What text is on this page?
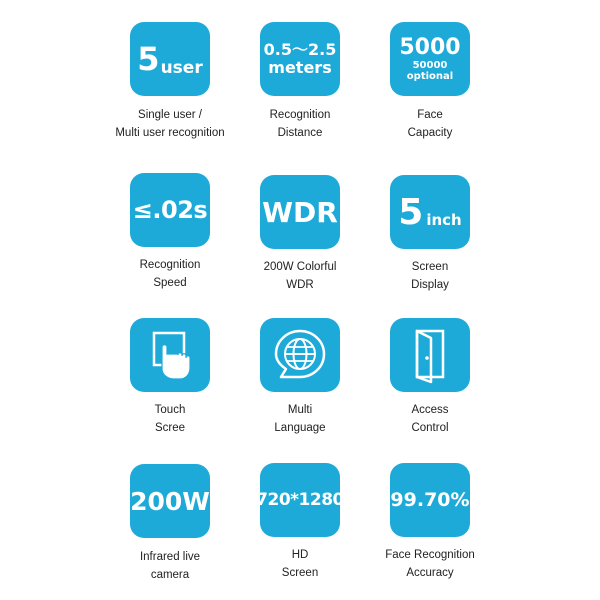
5 user
Single user /
Multi user recognition
0.5～2.5
meters
Recognition
Distance
5000
50000
optional
Face
Capacity
≤.02s
Recognition
Speed
WDR
200W Colorful
WDR
5 inch
Screen
Display
Touch
Scree
Multi
Language
Access
Control
200W
Infrared live
camera
720*1280
HD
Screen
99.70%
Face Recognition
Accuracy
